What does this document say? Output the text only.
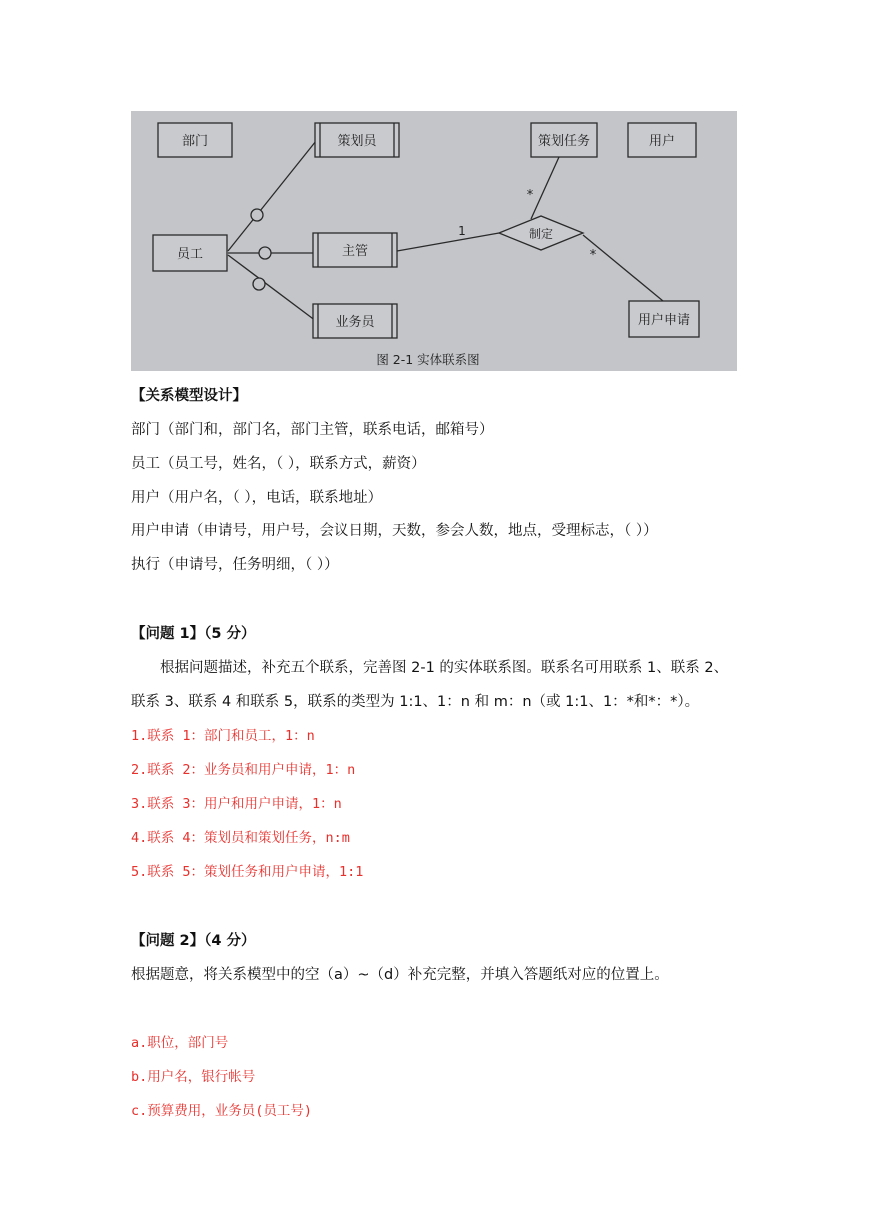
部门	策划员	策划任务	用户
员工	主管
业务员	用户申请
制定
1
*
*
图 2-1 实体联系图
【关系模型设计】
部门（部门和，部门名，部门主管，联系电话，邮箱号）
员工（员工号，姓名，（ ），联系方式，薪资）
用户（用户名，（ ），电话，联系地址）
用户申请（申请号，用户号，会议日期，天数，参会人数，地点，受理标志，（ ））
执行（申请号，任务明细，（ ））
【问题 1】（5 分）
根据问题描述，补充五个联系，完善图 2-1 的实体联系图。联系名可用联系 1、联系 2、
联系 3、联系 4 和联系 5，联系的类型为 1:1、1：n 和 m：n（或 1:1、1：*和*：*）。
1.联系 1：部门和员工，1：n
2.联系 2：业务员和用户申请，1：n
3.联系 3：用户和用户申请，1：n
4.联系 4：策划员和策划任务，n:m
5.联系 5：策划任务和用户申请，1:1
【问题 2】（4 分）
根据题意，将关系模型中的空（a）~（d）补充完整，并填入答题纸对应的位置上。
a.职位，部门号
b.用户名，银行帐号
c.预算费用，业务员(员工号)
